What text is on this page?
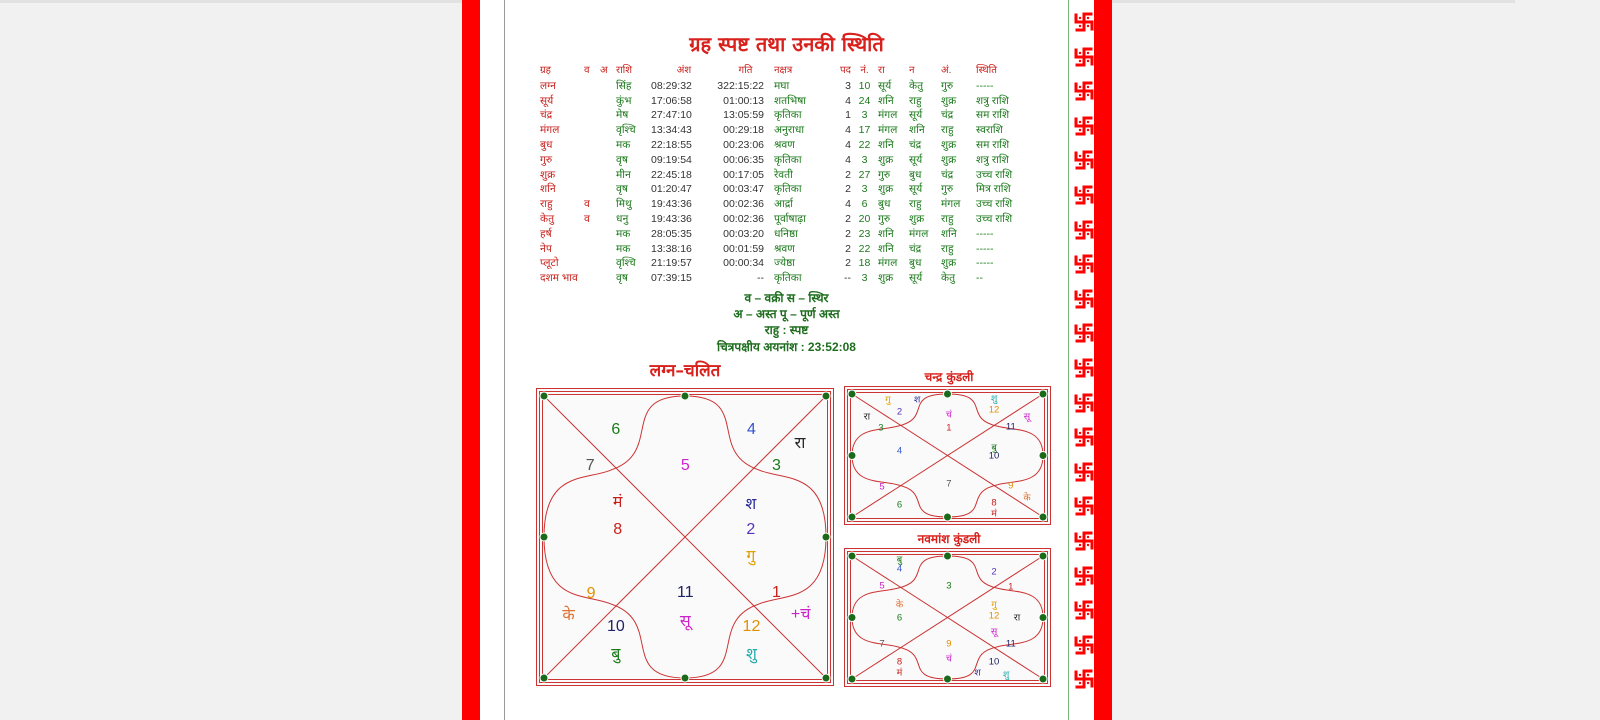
ग्रह स्पष्ट तथा उनकी स्थिति
ग्रह	व	अ	राशि	अंश	गति	नक्षत्र	पद	नं.	रा	न	अं.	स्थिति
लग्न			सिंह	08:29:32	322:15:22	मघा	3	10	सूर्य	केतु	गुरु	-----
सूर्य			कुंभ	17:06:58	01:00:13	शतभिषा	4	24	शनि	राहु	शुक्र	शत्रु राशि
चंद्र			मेष	27:47:10	13:05:59	कृतिका	1	3	मंगल	सूर्य	चंद्र	सम राशि
मंगल			वृश्चि	13:34:43	00:29:18	अनुराधा	4	17	मंगल	शनि	राहु	स्वराशि
बुध			मक	22:18:55	00:23:06	श्रवण	4	22	शनि	चंद्र	शुक्र	सम राशि
गुरु			वृष	09:19:54	00:06:35	कृतिका	4	3	शुक्र	सूर्य	शुक्र	शत्रु राशि
शुक्र			मीन	22:45:18	00:17:05	रेवती	2	27	गुरु	बुध	चंद्र	उच्च राशि
शनि			वृष	01:20:47	00:03:47	कृतिका	2	3	शुक्र	सूर्य	गुरु	मित्र राशि
राहु	व		मिथु	19:43:36	00:02:36	आर्द्रा	4	6	बुध	राहु	मंगल	उच्च राशि
केतु	व		धनु	19:43:36	00:02:36	पूर्वाषाढ़ा	2	20	गुरु	शुक्र	राहु	उच्च राशि
हर्ष			मक	28:05:35	00:03:20	धनिष्ठा	2	23	शनि	मंगल	शनि	-----
नेप			मक	13:38:16	00:01:59	श्रवण	2	22	शनि	चंद्र	राहु	-----
प्लूटो			वृश्चि	21:19:57	00:00:34	ज्येष्ठा	2	18	मंगल	बुध	शुक्र	-----
दशम भाव			वृष	07:39:15	--	कृतिका	--	3	शुक्र	सूर्य	केतु	--
व – वक्री स – स्थिर
अ – अस्त पू – पूर्ण अस्त
राहु : स्पष्ट
चित्रपक्षीय अयनांश : 23:52:08
लग्न–चलित
6	4
रा
7	5	3
मं
8
श
2
गु
9	11	1
के	सू	+चं
10	12
बु	शु
चन्द्र कुंडली
गु श	शु
रा	2	चं	12
सू
3	1	11
4	बु
10
5	7	9
के
6	8
मं
नवमांश कुंडली
बु
4	2
3
5	1
के	गु
6	12 रा
सू
7	9	11
8	चं	10
मं	श शु
